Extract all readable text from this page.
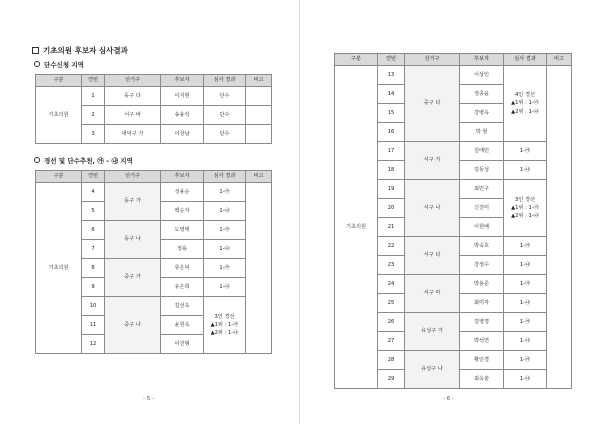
기초의원 후보자 심사결과
단수신청 지역
구분	연번	선거구	후보자	심사 결과	비고
기초의원	1	동구 다	이지현	단수	
	2	서구 바	송용석	단수	
	3	대덕구 가	이상남	단수	
경선 및 단수추천, ㉮ – ㉯ 지역
구분	연번	선거구	후보자	심사 결과	비고
기초의원	4	동구 가	성용순	1-㉮	
	5		백승자	1-㉯	
	6	동구 나	도영태	1-㉮	
	7		정용	1-㉯	
	8	중구 가	류은덕	1-㉮	
	9		유은희	1-㉯	
	10	중구 나	김선옥	3인 경선
▲1위 : 1-㉮
▲2위 : 1-㉯	

	11		윤원옥		
	12		이진형		
- 5 -
구분	연번	선거구	후보자	심사 결과	비고
기초의원	13	중구 다	이상인	4인 경선
▲1위 : 1-㉮
▲2위 : 1-㉯	

	14		정종윤		
	15		강병옥		
	16		박 현		
	17	서구 가	김태민	1-㉮	
	18		김동성	1-㉯	
	19	서구 나	최민구	3인 경선
▲1위 : 1-㉮
▲2위 : 1-㉯	

	20		신진미		
	21		이원배		
	22	서구 다	박숙호	1-㉮	
	23		강정수	1-㉯	
	24	서구 마	박용준	1-㉮	
	25		최미자	1-㉯	
	26	유성구 가	김영경	1-㉮	
	27		박석연	1-㉯	
	28	유성구 나	황인경	1-㉮	
	29		최옥술	1-㉯	
- 6 -
